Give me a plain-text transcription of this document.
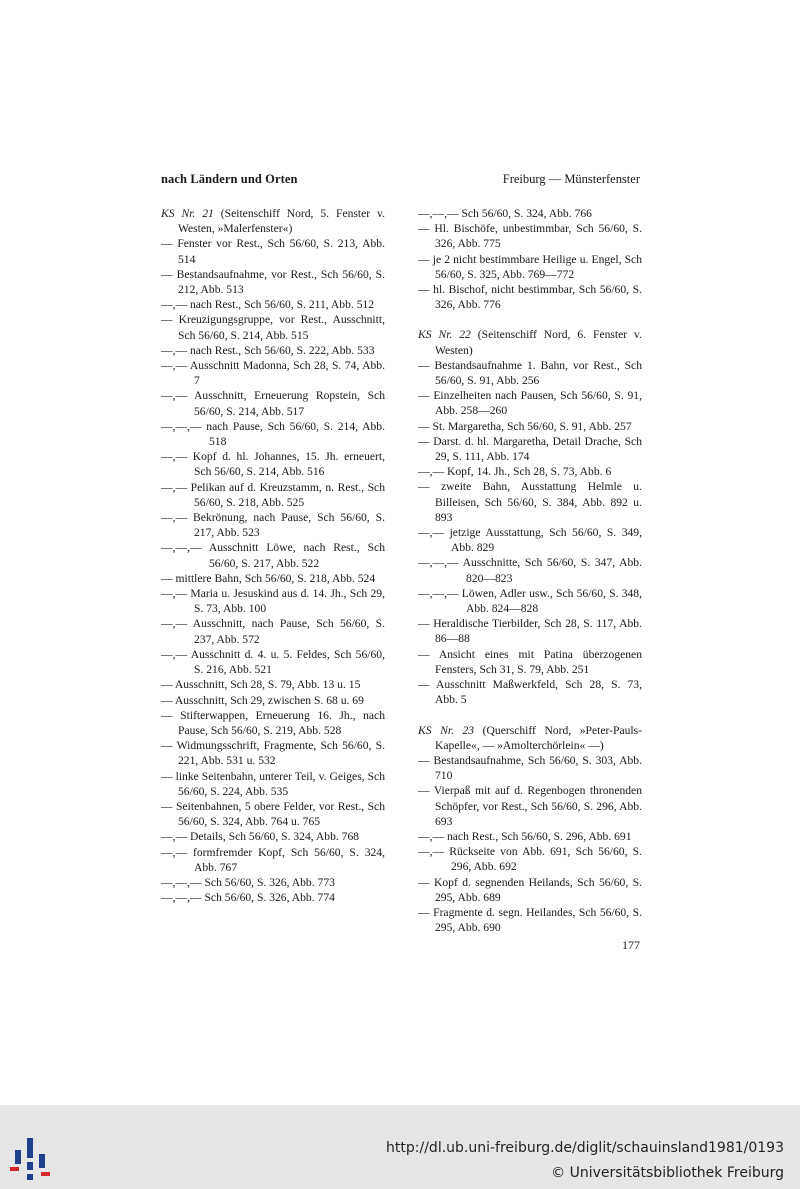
nach Ländern und Orten	Freiburg — Münsterfenster

KS Nr. 21 (Seitenschiff Nord, 5. Fenster v. Westen, »Malerfenster«)

— Fenster vor Rest., Sch 56/60, S. 213, Abb. 514

— Bestandsaufnahme, vor Rest., Sch 56/60, S. 212, Abb. 513

—,— nach Rest., Sch 56/60, S. 211, Abb. 512

— Kreuzigungsgruppe, vor Rest., Ausschnitt, Sch 56/60, S. 214, Abb. 515

—,— nach Rest., Sch 56/60, S. 222, Abb. 533

—,— Ausschnitt Madonna, Sch 28, S. 74, Abb. 7

—,— Ausschnitt, Erneuerung Ropstein, Sch 56/60, S. 214, Abb. 517

—,—,— nach Pause, Sch 56/60, S. 214, Abb. 518

—,— Kopf d. hl. Johannes, 15. Jh. erneuert, Sch 56/60, S. 214, Abb. 516

—,— Pelikan auf d. Kreuzstamm, n. Rest., Sch 56/60, S. 218, Abb. 525

—,— Bekrönung, nach Pause, Sch 56/60, S. 217, Abb. 523

—,—,— Ausschnitt Löwe, nach Rest., Sch 56/60, S. 217, Abb. 522

— mittlere Bahn, Sch 56/60, S. 218, Abb. 524

—,— Maria u. Jesuskind aus d. 14. Jh., Sch 29, S. 73, Abb. 100

—,— Ausschnitt, nach Pause, Sch 56/60, S. 237, Abb. 572

—,— Ausschnitt d. 4. u. 5. Feldes, Sch 56/60, S. 216, Abb. 521

— Ausschnitt, Sch 28, S. 79, Abb. 13 u. 15

— Ausschnitt, Sch 29, zwischen S. 68 u. 69

— Stifterwappen, Erneuerung 16. Jh., nach Pause, Sch 56/60, S. 219, Abb. 528

— Widmungsschrift, Fragmente, Sch 56/60, S. 221, Abb. 531 u. 532

— linke Seitenbahn, unterer Teil, v. Geiges, Sch 56/60, S. 224, Abb. 535

— Seitenbahnen, 5 obere Felder, vor Rest., Sch 56/60, S. 324, Abb. 764 u. 765

—,— Details, Sch 56/60, S. 324, Abb. 768

—,— formfremder Kopf, Sch 56/60, S. 324, Abb. 767

—,—,— Sch 56/60, S. 326, Abb. 773

—,—,— Sch 56/60, S. 326, Abb. 774

—,—,— Sch 56/60, S. 324, Abb. 766

— Hl. Bischöfe, unbestimmbar, Sch 56/60, S. 326, Abb. 775

— je 2 nicht bestimmbare Heilige u. Engel, Sch 56/60, S. 325, Abb. 769—772

— hl. Bischof, nicht bestimmbar, Sch 56/60, S. 326, Abb. 776

KS Nr. 22 (Seitenschiff Nord, 6. Fenster v. Westen)

— Bestandsaufnahme 1. Bahn, vor Rest., Sch 56/60, S. 91, Abb. 256

— Einzelheiten nach Pausen, Sch 56/60, S. 91, Abb. 258—260

— St. Margaretha, Sch 56/60, S. 91, Abb. 257

— Darst. d. hl. Margaretha, Detail Drache, Sch 29, S. 111, Abb. 174

—,— Kopf, 14. Jh., Sch 28, S. 73, Abb. 6

— zweite Bahn, Ausstattung Helmle u. Billeisen, Sch 56/60, S. 384, Abb. 892 u. 893

—,— jetzige Ausstattung, Sch 56/60, S. 349, Abb. 829

—,—,— Ausschnitte, Sch 56/60, S. 347, Abb. 820—823

—,—,— Löwen, Adler usw., Sch 56/60, S. 348, Abb. 824—828

— Heraldische Tierbilder, Sch 28, S. 117, Abb. 86—88

— Ansicht eines mit Patina überzogenen Fensters, Sch 31, S. 79, Abb. 251

— Ausschnitt Maßwerkfeld, Sch 28, S. 73, Abb. 5

KS Nr. 23 (Querschiff Nord, »Peter-Pauls-Kapelle«, — »Amolterchörlein« —)

— Bestandsaufnahme, Sch 56/60, S. 303, Abb. 710

— Vierpaß mit auf d. Regenbogen thronenden Schöpfer, vor Rest., Sch 56/60, S. 296, Abb. 693

—,— nach Rest., Sch 56/60, S. 296, Abb. 691

—,— Rückseite von Abb. 691, Sch 56/60, S. 296, Abb. 692

— Kopf d. segnenden Heilands, Sch 56/60, S. 295, Abb. 689

— Fragmente d. segn. Heilandes, Sch 56/60, S. 295, Abb. 690

177
http://dl.ub.uni-freiburg.de/diglit/schauinsland1981/0193
© Universitätsbibliothek Freiburg
